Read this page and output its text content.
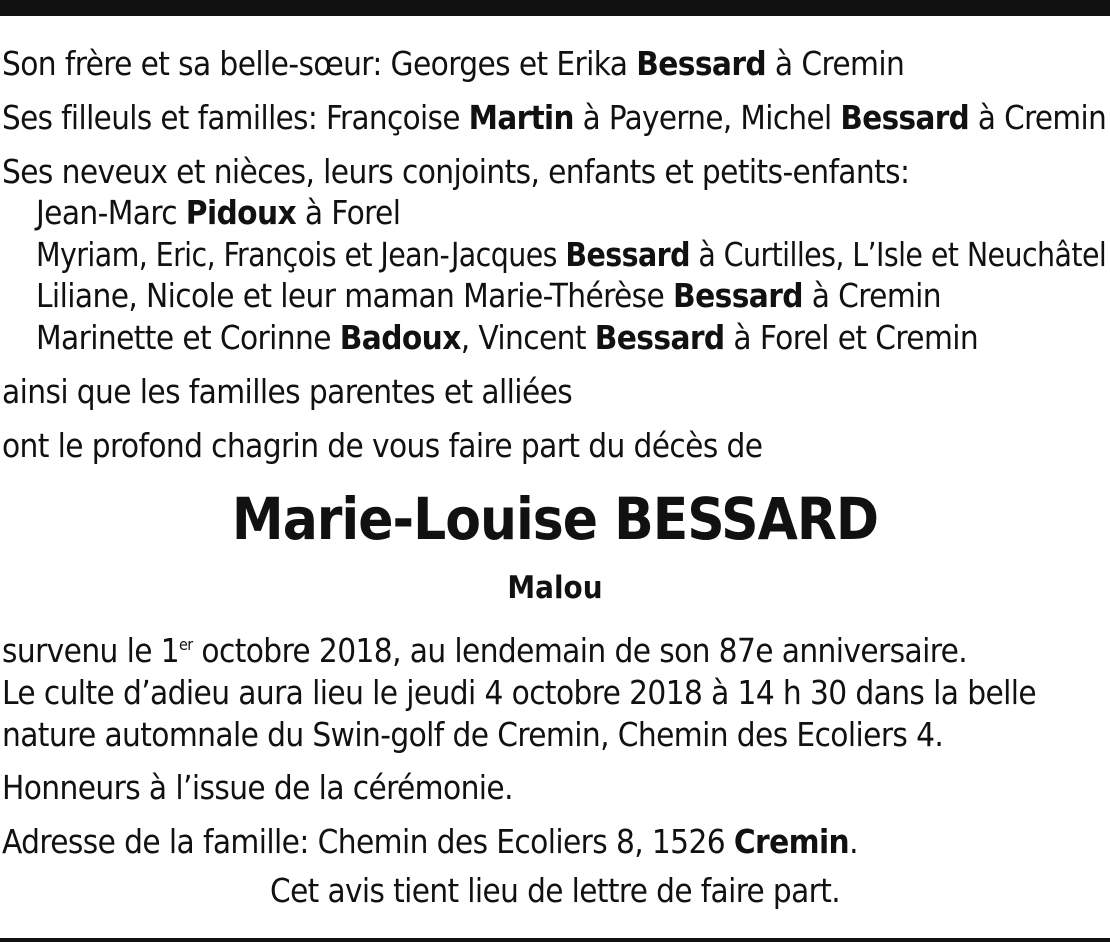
Son frère et sa belle-sœur: Georges et Erika Bessard à Cremin
Ses filleuls et familles: Françoise Martin à Payerne, Michel Bessard à Cremin
Ses neveux et nièces, leurs conjoints, enfants et petits-enfants:
Jean-Marc Pidoux à Forel
Myriam, Eric, François et Jean-Jacques Bessard à Curtilles, L’Isle et Neuchâtel
Liliane, Nicole et leur maman Marie-Thérèse Bessard à Cremin
Marinette et Corinne Badoux, Vincent Bessard à Forel et Cremin
ainsi que les familles parentes et alliées
ont le profond chagrin de vous faire part du décès de
Marie-Louise BESSARD
Malou
survenu le 1er octobre 2018, au lendemain de son 87e anniversaire.
Le culte d’adieu aura lieu le jeudi 4 octobre 2018 à 14 h 30 dans la belle
nature automnale du Swin-golf de Cremin, Chemin des Ecoliers 4.
Honneurs à l’issue de la cérémonie.
Adresse de la famille: Chemin des Ecoliers 8, 1526 Cremin.
Cet avis tient lieu de lettre de faire part.
